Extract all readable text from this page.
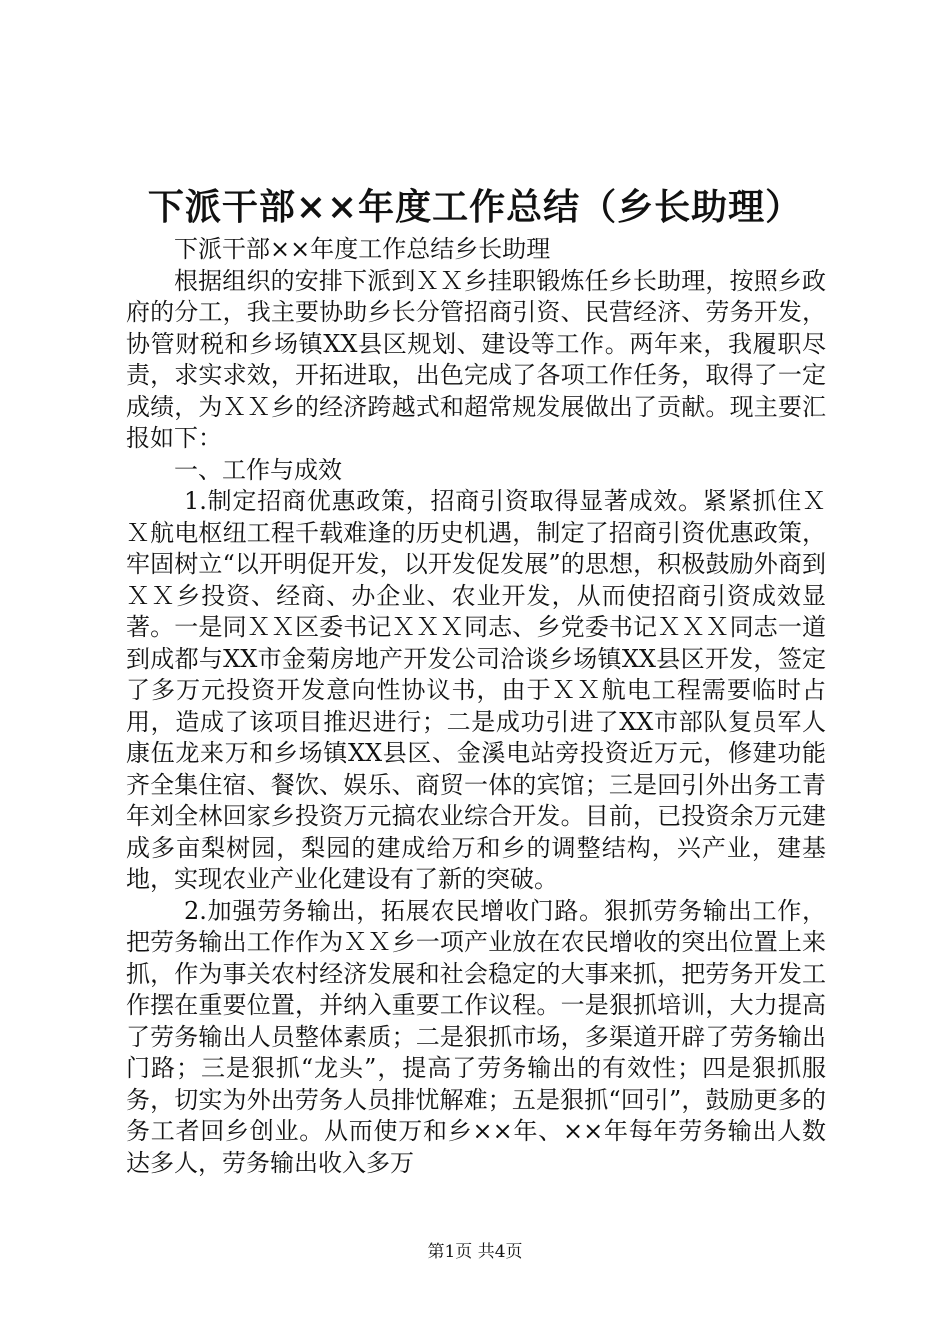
下派干部××年度工作总结（乡长助理）

下派干部××年度工作总结乡长助理

根据组织的安排下派到ＸＸ乡挂职锻炼任乡长助理，按照乡政府的分工，我主要协助乡长分管招商引资、民营经济、劳务开发，协管财税和乡场镇XX县区规划、建设等工作。两年来，我履职尽责，求实求效，开拓进取，出色完成了各项工作任务，取得了一定成绩，为ＸＸ乡的经济跨越式和超常规发展做出了贡献。现主要汇报如下：

一、工作与成效

1.制定招商优惠政策，招商引资取得显著成效。紧紧抓住ＸＸ航电枢纽工程千载难逢的历史机遇，制定了招商引资优惠政策，牢固树立“以开明促开发，以开发促发展”的思想，积极鼓励外商到ＸＸ乡投资、经商、办企业、农业开发，从而使招商引资成效显著。一是同ＸＸ区委书记ＸＸＸ同志、乡党委书记ＸＸＸ同志一道到成都与XX市金菊房地产开发公司洽谈乡场镇XX县区开发，签定了多万元投资开发意向性协议书，由于ＸＸ航电工程需要临时占用，造成了该项目推迟进行；二是成功引进了XX市部队复员军人康伍龙来万和乡场镇XX县区、金溪电站旁投资近万元，修建功能齐全集住宿、餐饮、娱乐、商贸一体的宾馆；三是回引外出务工青年刘全林回家乡投资万元搞农业综合开发。目前，已投资余万元建成多亩梨树园，梨园的建成给万和乡的调整结构，兴产业，建基地，实现农业产业化建设有了新的突破。

2.加强劳务输出，拓展农民增收门路。狠抓劳务输出工作，把劳务输出工作作为ＸＸ乡一项产业放在农民增收的突出位置上来抓，作为事关农村经济发展和社会稳定的大事来抓，把劳务开发工作摆在重要位置，并纳入重要工作议程。一是狠抓培训，大力提高了劳务输出人员整体素质；二是狠抓市场，多渠道开辟了劳务输出门路；三是狠抓“龙头”，提高了劳务输出的有效性；四是狠抓服务，切实为外出劳务人员排忧解难；五是狠抓“回引”，鼓励更多的务工者回乡创业。从而使万和乡××年、××年每年劳务输出人数达多人，劳务输出收入多万

第1页 共4页
